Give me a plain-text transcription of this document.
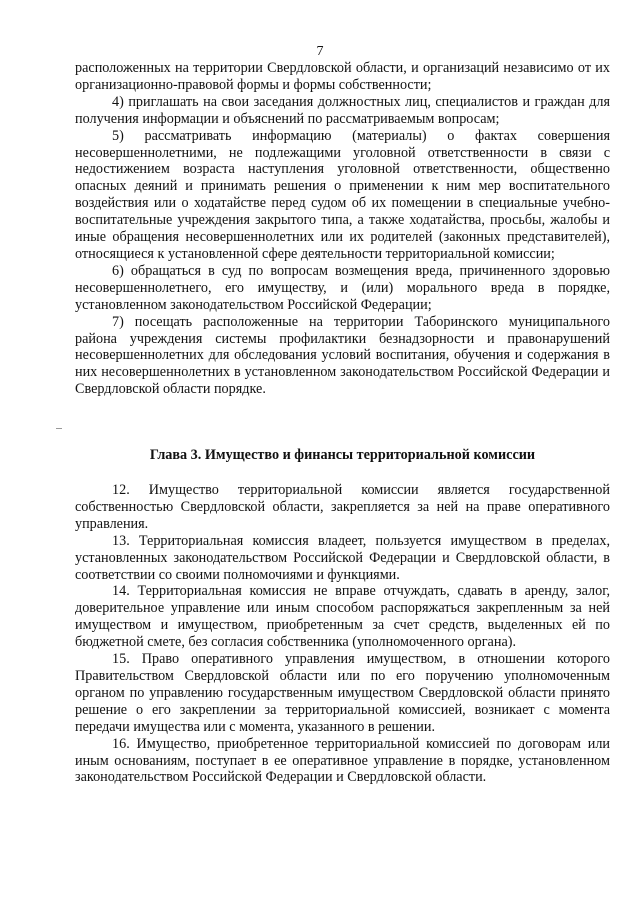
7

расположенных на территории Свердловской области, и организаций независимо от их организационно-правовой формы и формы собственности;

4) приглашать на свои заседания должностных лиц, специалистов и граждан для получения информации и объяснений по рассматриваемым вопросам;

5) рассматривать информацию (материалы) о фактах совершения несовершеннолетними, не подлежащими уголовной ответственности в связи с недостижением возраста наступления уголовной ответственности, общественно опасных деяний и принимать решения о применении к ним мер воспитательного воздействия или о ходатайстве перед судом об их помещении в специальные учебно-воспитательные учреждения закрытого типа, а также ходатайства, просьбы, жалобы и иные обращения несовершеннолетних или их родителей (законных представителей), относящиеся к установленной сфере деятельности территориальной комиссии;

6) обращаться в суд по вопросам возмещения вреда, причиненного здоровью несовершеннолетнего, его имуществу, и (или) морального вреда в порядке, установленном законодательством Российской Федерации;

7) посещать расположенные на территории Таборинского муниципального района учреждения системы профилактики безнадзорности и правонарушений несовершеннолетних для обследования условий воспитания, обучения и содержания в них несовершеннолетних в установленном законодательством Российской Федерации и Свердловской области порядке.

Глава 3. Имущество и финансы территориальной комиссии

12. Имущество территориальной комиссии является государственной собственностью Свердловской области, закрепляется за ней на праве оперативного управления.

13. Территориальная комиссия владеет, пользуется имуществом в пределах, установленных законодательством Российской Федерации и Свердловской области, в соответствии со своими полномочиями и функциями.

14. Территориальная комиссия не вправе отчуждать, сдавать в аренду, залог, доверительное управление или иным способом распоряжаться закрепленным за ней имуществом и имуществом, приобретенным за счет средств, выделенных ей по бюджетной смете, без согласия собственника (уполномоченного органа).

15. Право оперативного управления имуществом, в отношении которого Правительством Свердловской области или по его поручению уполномоченным органом по управлению государственным имуществом Свердловской области принято решение о его закреплении за территориальной комиссией, возникает с момента передачи имущества или с момента, указанного в решении.

16. Имущество, приобретенное территориальной комиссией по договорам или иным основаниям, поступает в ее оперативное управление в порядке, установленном законодательством Российской Федерации и Свердловской области.
